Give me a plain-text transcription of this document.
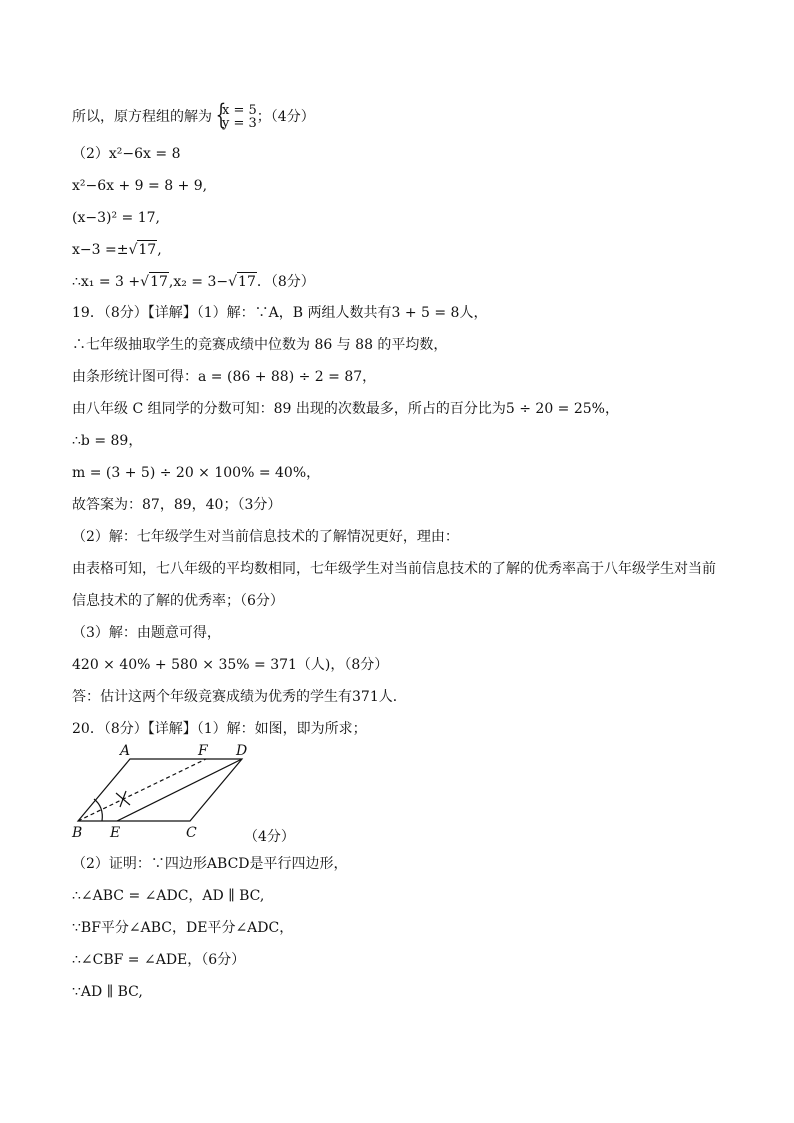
所以，原方程组的解为 {
x = 5
y = 3 ；（4分）
（2）x²−6x = 8
x²−6x + 9 = 8 + 9,
(x−3)² = 17,
x−3 =±√17,
∴x₁ = 3 +√17,x₂ = 3−√17．（8分）
19．（8分）【详解】（1）解：∵A，B 两组人数共有3 + 5 = 8人，
∴七年级抽取学生的竞赛成绩中位数为 86 与 88 的平均数，
由条形统计图可得：a = (86 + 88) ÷ 2 = 87，
由八年级 C 组同学的分数可知：89 出现的次数最多，所占的百分比为5 ÷ 20 = 25%，
∴b = 89，
m = (3 + 5) ÷ 20 × 100% = 40%，
故答案为：87，89，40；（3分）
（2）解：七年级学生对当前信息技术的了解情况更好，理由：
由表格可知，七八年级的平均数相同，七年级学生对当前信息技术的了解的优秀率高于八年级学生对当前
信息技术的了解的优秀率；（6分）
（3）解：由题意可得，
420 × 40% + 580 × 35% = 371（人)，（8分）
答：估计这两个年级竞赛成绩为优秀的学生有371人．
20．（8分）【详解】（1）解：如图，即为所求；
A	F D
B E	C	（4分）
（2）证明：∵四边形ABCD是平行四边形，
∴∠ABC = ∠ADC，AD ∥ BC,
∵BF平分∠ABC，DE平分∠ADC，
∴∠CBF = ∠ADE，（6分）
∵AD ∥ BC,
